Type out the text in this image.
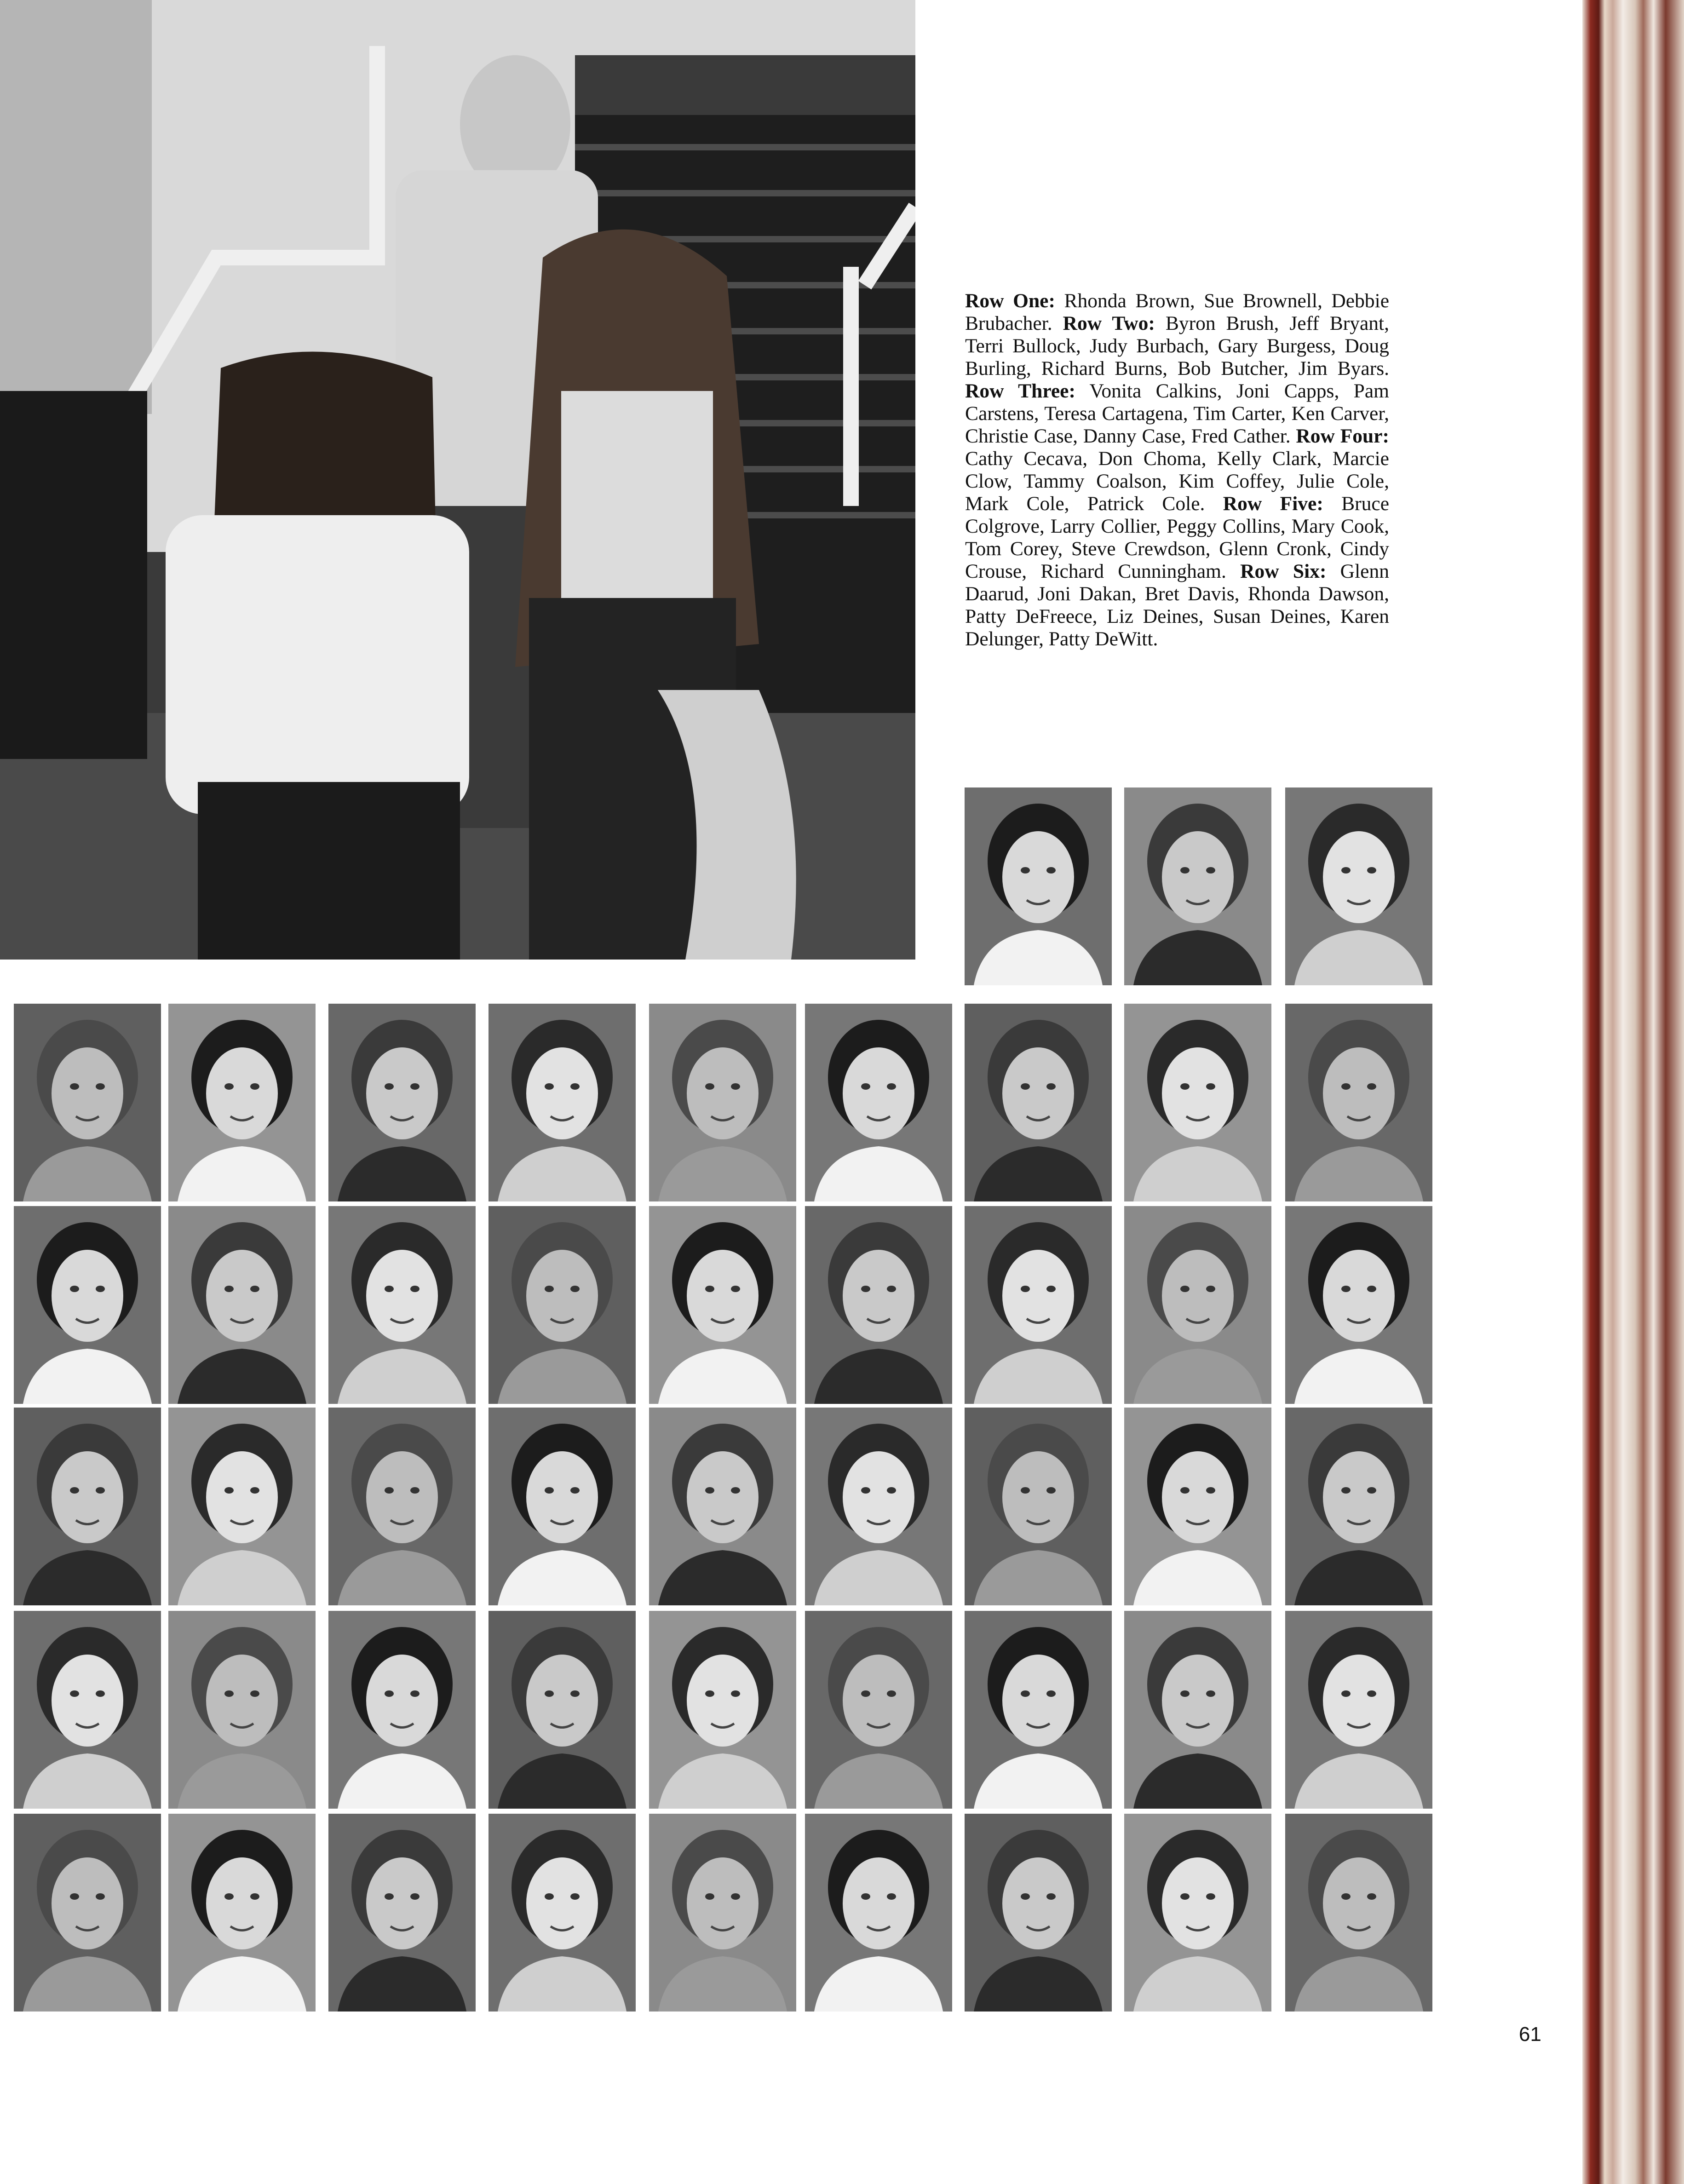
Row One: Rhonda Brown, Sue Brownell, Debbie Brubacher. Row Two: Byron Brush, Jeff Bryant, Terri Bullock, Judy Burbach, Gary Burgess, Doug Burling, Richard Burns, Bob Butcher, Jim Byars. Row Three: Vonita Calkins, Joni Capps, Pam Carstens, Teresa Cartagena, Tim Carter, Ken Carver, Christie Case, Danny Case, Fred Cather. Row Four: Cathy Cecava, Don Choma, Kelly Clark, Marcie Clow, Tammy Coalson, Kim Coffey, Julie Cole, Mark Cole, Patrick Cole. Row Five: Bruce Colgrove, Larry Collier, Peggy Collins, Mary Cook, Tom Corey, Steve Crewdson, Glenn Cronk, Cindy Crouse, Richard Cunningham. Row Six: Glenn Daarud, Joni Dakan, Bret Davis, Rhonda Dawson, Patty DeFreece, Liz Deines, Susan Deines, Karen Delunger, Patty DeWitt.
61
